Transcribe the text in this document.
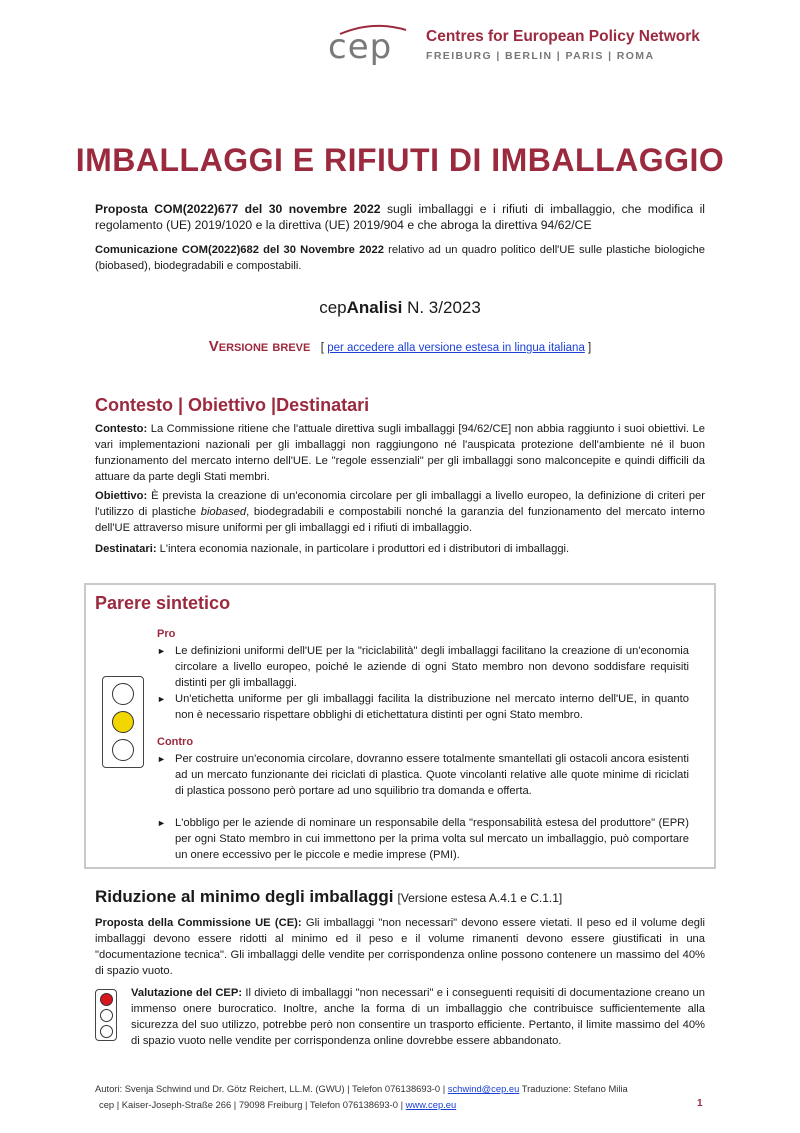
cep Centres for European Policy Network
FREIBURG | BERLIN | PARIS | ROMA
IMBALLAGGI E RIFIUTI DI IMBALLAGGIO

Proposta COM(2022)677 del 30 novembre 2022 sugli imballaggi e i rifiuti di imballaggio, che modifica il regolamento (UE) 2019/1020 e la direttiva (UE) 2019/904 e che abroga la direttiva 94/62/CE

Comunicazione COM(2022)682 del 30 Novembre 2022 relativo ad un quadro politico dell'UE sulle plastiche biologiche (biobased), biodegradabili e compostabili.

cepAnalisi N. 3/2023
Versione breve [ per accedere alla versione estesa in lingua italiana ]
Contesto | Obiettivo |Destinatari

Contesto: La Commissione ritiene che l'attuale direttiva sugli imballaggi [94/62/CE] non abbia raggiunto i suoi obiettivi. Le vari implementazioni nazionali per gli imballaggi non raggiungono né l'auspicata protezione dell'ambiente né il buon funzionamento del mercato interno dell'UE. Le "regole essenziali" per gli imballaggi sono malconcepite e quindi difficili da attuare da parte degli Stati membri.

Obiettivo: È prevista la creazione di un'economia circolare per gli imballaggi a livello europeo, la definizione di criteri per l'utilizzo di plastiche biobased, biodegradabili e compostabili nonché la garanzia del funzionamento del mercato interno dell'UE attraverso misure uniformi per gli imballaggi ed i rifiuti di imballaggio.

Destinatari: L'intera economia nazionale, in particolare i produttori ed i distributori di imballaggi.

Parere sintetico
Pro
► Le definizioni uniformi dell'UE per la "riciclabilità" degli imballaggi facilitano la creazione di un'economia circolare a livello europeo, poiché le aziende di ogni Stato membro non devono soddisfare requisiti distinti per gli imballaggi.
► Un'etichetta uniforme per gli imballaggi facilita la distribuzione nel mercato interno dell'UE, in quanto non è necessario rispettare obblighi di etichettatura distinti per ogni Stato membro.
Contro
► Per costruire un'economia circolare, dovranno essere totalmente smantellati gli ostacoli ancora esistenti ad un mercato funzionante dei riciclati di plastica. Quote vincolanti relative alle quote minime di riciclati di plastica possono però portare ad uno squilibrio tra domanda e offerta.
► L'obbligo per le aziende di nominare un responsabile della "responsabilità estesa del produttore" (EPR) per ogni Stato membro in cui immettono per la prima volta sul mercato un imballaggio, può comportare un onere eccessivo per le piccole e medie imprese (PMI).
Riduzione al minimo degli imballaggi [Versione estesa A.4.1 e C.1.1]

Proposta della Commissione UE (CE): Gli imballaggi "non necessari" devono essere vietati. Il peso ed il volume degli imballaggi devono essere ridotti al minimo ed il peso e il volume rimanenti devono essere giustificati in una "documentazione tecnica". Gli imballaggi delle vendite per corrispondenza online possono contenere un massimo del 40% di spazio vuoto.

Valutazione del CEP: Il divieto di imballaggi "non necessari" e i conseguenti requisiti di documentazione creano un immenso onere burocratico. Inoltre, anche la forma di un imballaggio che contribuisce sufficientemente alla sicurezza del suo utilizzo, potrebbe però non consentire un trasporto efficiente. Pertanto, il limite massimo del 40% di spazio vuoto nelle vendite per corrispondenza online dovrebbe essere abbandonato.

Autori: Svenja Schwind und Dr. Götz Reichert, LL.M. (GWU) | Telefon 076138693-0 | schwind@cep.eu Traduzione: Stefano Milia
cep | Kaiser-Joseph-Straße 266 | 79098 Freiburg | Telefon 076138693-0 | www.cep.eu	1
